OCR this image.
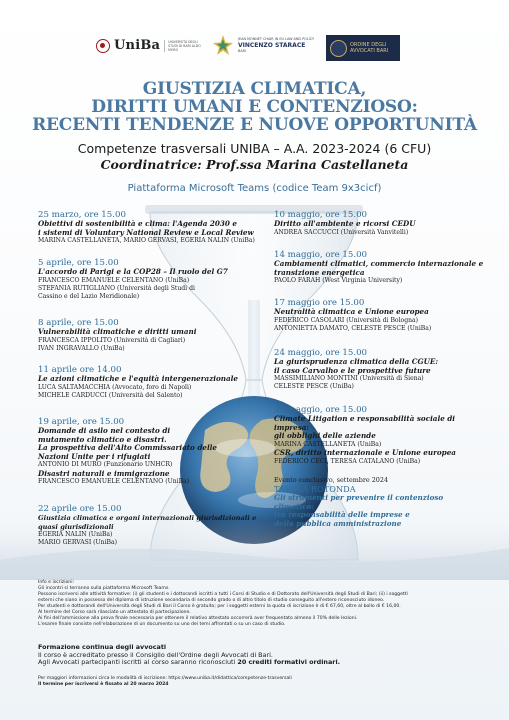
UniBa	UNIVERSITÀ DEGLI STUDI DI BARI ALDO MORO
JEAN MONNET CHAIR IN EU LAW AND POLICY
VINCENZO STARACE
BARI
ORDINE DEGLI AVVOCATI BARI
GIUSTIZIA CLIMATICA,
DIRITTI UMANI E CONTENZIOSO:
RECENTI TENDENZE E NUOVE OPPORTUNITÀ
Competenze trasversali UNIBA – A.A. 2023-2024 (6 CFU)
Coordinatrice: Prof.ssa Marina Castellaneta
Piattaforma Microsoft Teams (codice Team 9x3cicf)
25 marzo, ore 15.00
Obiettivi di sostenibilità e clima: l'Agenda 2030 e
i sistemi di Voluntary National Review e Local Review
MARINA CASTELLANETA, MARIO GERVASI, EGERIA NALIN (UniBa)
5 aprile, ore 15.00
L'accordo di Parigi e la COP28 – Il ruolo del G7
FRANCESCO EMANUELE CELENTANO (UniBa)
STEFANIA RUTIGLIANO (Università degli Studi di
Cassino e del Lazio Meridionale)
8 aprile, ore 15.00
Vulnerabilità climatiche e diritti umani
FRANCESCA IPPOLITO (Università di Cagliari)
IVAN INGRAVALLO (UniBa)
11 aprile ore 14.00
Le azioni climatiche e l'equità intergenerazionale
LUCA SALTAMACCHIA (Avvocato, foro di Napoli)
MICHELE CARDUCCI (Università del Salento)
19 aprile, ore 15.00
Domande di asilo nel contesto di
mutamento climatico e disastri.
La prospettiva dell'Alto Commissariato delle
Nazioni Unite per i rifugiati
ANTONIO DI MURO (Funzionario UNHCR)
Disastri naturali e immigrazione
FRANCESCO EMANUELE CELENTANO (UniBa)
22 aprile ore 15.00
Giustizia climatica e organi internazionali giurisdizionali e
quasi giurisdizionali
EGERIA NALIN (UniBa)
MARIO GERVASI (UniBa)
10 maggio, ore 15.00
Diritto all'ambiente e ricorsi CEDU
ANDREA SACCUCCI (Università Vanvitelli)
14 maggio, ore 15.00
Cambiamenti climatici, commercio internazionale e
transizione energetica
PAOLO FARAH (West Virginia University)
17 maggio ore 15.00
Neutralità climatica e Unione europea
FEDERICO CASOLARI (Università di Bologna)
ANTONIETTA DAMATO, CELESTE PESCE (UniBa)
24 maggio, ore 15.00
La giurisprudenza climatica della CGUE:
il caso Carvalho e le prospettive future
MASSIMILIANO MONTINI (Università di Siena)
CELESTE PESCE (UniBa)
31 maggio, ore 15.00
Climate Litigation e responsabilità sociale di impresa:
gli obblighi delle aziende
MARINA CASTELLANETA (UniBa)
CSR, diritto internazionale e Unione europea
FEDERICO CECI, TERESA CATALANO (UniBa)
Evento conclusivo, settembre 2024
TAVOLA ROTONDA
Gli strumenti per prevenire il contenzioso climatico:
tra responsabilità delle imprese e
della pubblica amministrazione

Info e iscrizioni:

Gli incontri si terranno sulla piattaforma Microsoft Teams.

Possono iscriversi alle attività formative: (i) gli studenti e i dottorandi iscritti a tutti i Corsi di Studio e di Dottorato dell'Università degli Studi di Bari; (ii) i soggetti

esterni che siano in possesso del diploma di istruzione secondaria di secondo grado o di altro titolo di studio conseguito all'estero riconosciuto idoneo.

Per studenti e dottorandi dell'Università degli Studi di Bari il Corso è gratuito; per i soggetti esterni la quota di iscrizione è di € 67,60, oltre al bollo di € 16,00.

Al termine del Corso sarà rilasciato un attestato di partecipazione.

Ai fini dell'ammissione alla prova finale necessaria per ottenere il relativo attestato occorrerà aver frequentato almeno il 70% delle lezioni.

L'esame finale consiste nell'elaborazione di un documento su uno dei temi affrontati o su un caso di studio.

Formazione continua degli avvocati
Il corso è accreditato presso il Consiglio dell'Ordine degli Avvocati di Bari.
Agli Avvocati partecipanti iscritti al corso saranno riconosciuti 20 crediti formativi ordinari.
Per maggiori informazioni circa le modalità di iscrizione: https://www.uniba.it/didattica/competenze-trasversali
Il termine per iscriversi è fissato al 20 marzo 2024
